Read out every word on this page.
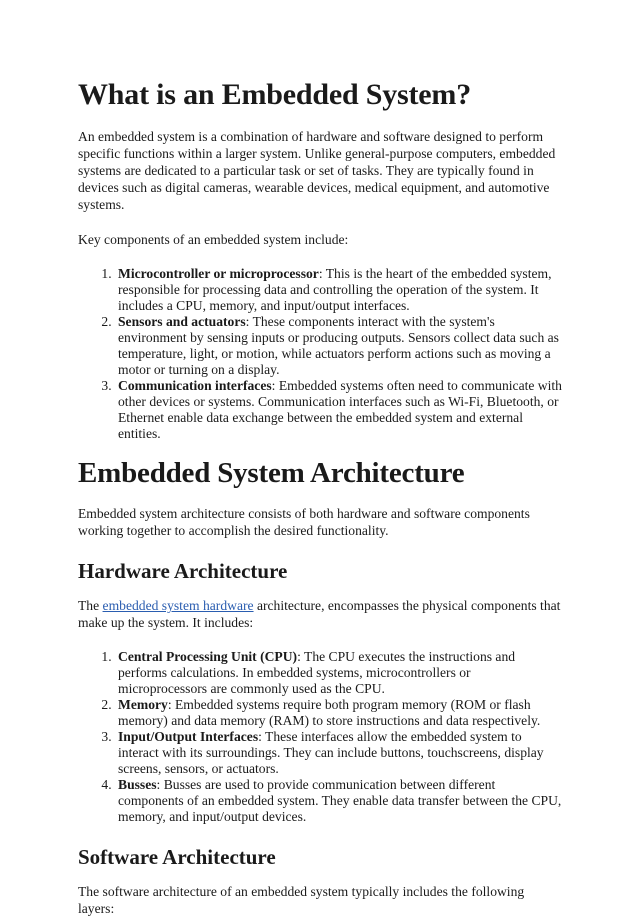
What is an Embedded System?

An embedded system is a combination of hardware and software designed to perform specific functions within a larger system. Unlike general-purpose computers, embedded systems are dedicated to a particular task or set of tasks. They are typically found in devices such as digital cameras, wearable devices, medical equipment, and automotive systems.

Key components of an embedded system include:

1. Microcontroller or microprocessor: This is the heart of the embedded system, responsible for processing data and controlling the operation of the system. It includes a CPU, memory, and input/output interfaces.
2. Sensors and actuators: These components interact with the system's environment by sensing inputs or producing outputs. Sensors collect data such as temperature, light, or motion, while actuators perform actions such as moving a motor or turning on a display.
3. Communication interfaces: Embedded systems often need to communicate with other devices or systems. Communication interfaces such as Wi-Fi, Bluetooth, or Ethernet enable data exchange between the embedded system and external entities.
Embedded System Architecture

Embedded system architecture consists of both hardware and software components working together to accomplish the desired functionality.

Hardware Architecture

The embedded system hardware architecture, encompasses the physical components that make up the system. It includes:

1. Central Processing Unit (CPU): The CPU executes the instructions and performs calculations. In embedded systems, microcontrollers or microprocessors are commonly used as the CPU.
2. Memory: Embedded systems require both program memory (ROM or flash memory) and data memory (RAM) to store instructions and data respectively.
3. Input/Output Interfaces: These interfaces allow the embedded system to interact with its surroundings. They can include buttons, touchscreens, display screens, sensors, or actuators.
4. Busses: Busses are used to provide communication between different components of an embedded system. They enable data transfer between the CPU, memory, and input/output devices.
Software Architecture

The software architecture of an embedded system typically includes the following layers:
